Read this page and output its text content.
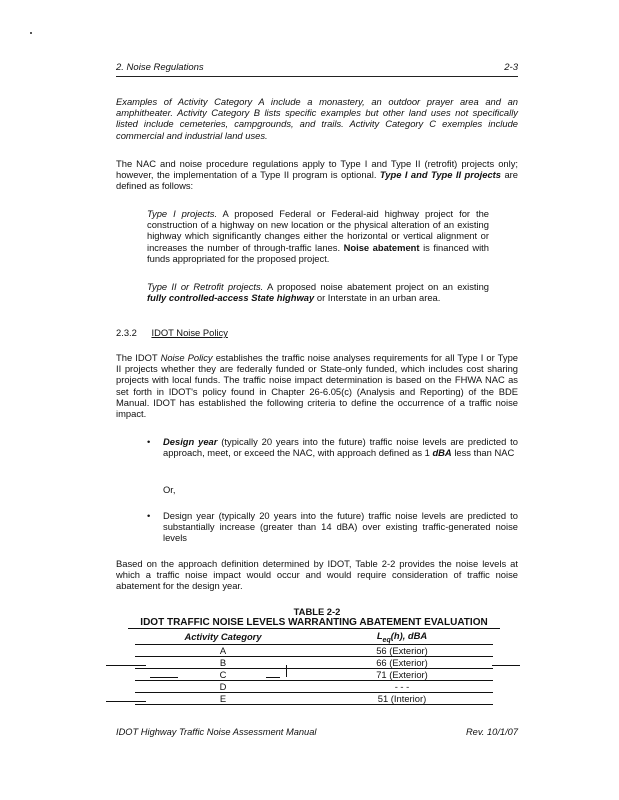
2. Noise Regulations	2-3

Examples of Activity Category A include a monastery, an outdoor prayer area and an amphitheater. Activity Category B lists specific examples but other land uses not specifically listed include cemeteries, campgrounds, and trails. Activity Category C exemples include commercial and industrial land uses.

The NAC and noise procedure regulations apply to Type I and Type II (retrofit) projects only; however, the implementation of a Type II program is optional. Type I and Type II projects are defined as follows:

Type I projects. A proposed Federal or Federal-aid highway project for the construction of a highway on new location or the physical alteration of an existing highway which significantly changes either the horizontal or vertical alignment or increases the number of through-traffic lanes. Noise abatement is financed with funds appropriated for the proposed project.

Type II or Retrofit projects. A proposed noise abatement project on an existing fully controlled-access State highway or Interstate in an urban area.

2.3.2 IDOT Noise Policy

The IDOT Noise Policy establishes the traffic noise analyses requirements for all Type I or Type II projects whether they are federally funded or State-only funded, which includes cost sharing projects with local funds. The traffic noise impact determination is based on the FHWA NAC as set forth in IDOT's policy found in Chapter 26-6.05(c) (Analysis and Reporting) of the BDE Manual. IDOT has established the following criteria to define the occurrence of a traffic noise impact.

• Design year (typically 20 years into the future) traffic noise levels are predicted to approach, meet, or exceed the NAC, with approach defined as 1 dBA less than NAC

Or,
• Design year (typically 20 years into the future) traffic noise levels are predicted to substantially increase (greater than 14 dBA) over existing traffic-generated noise levels

Based on the approach definition determined by IDOT, Table 2-2 provides the noise levels at which a traffic noise impact would occur and would require consideration of traffic noise abatement for the design year.

TABLE 2-2
IDOT TRAFFIC NOISE LEVELS WARRANTING ABATEMENT EVALUATION
Activity Category	$L_{eq}(h)$, dBA
A	56 (Exterior)
B	66 (Exterior)
C	71 (Exterior)
D	- - -
E	51 (Interior)
IDOT Highway Traffic Noise Assessment Manual	Rev. 10/1/07
